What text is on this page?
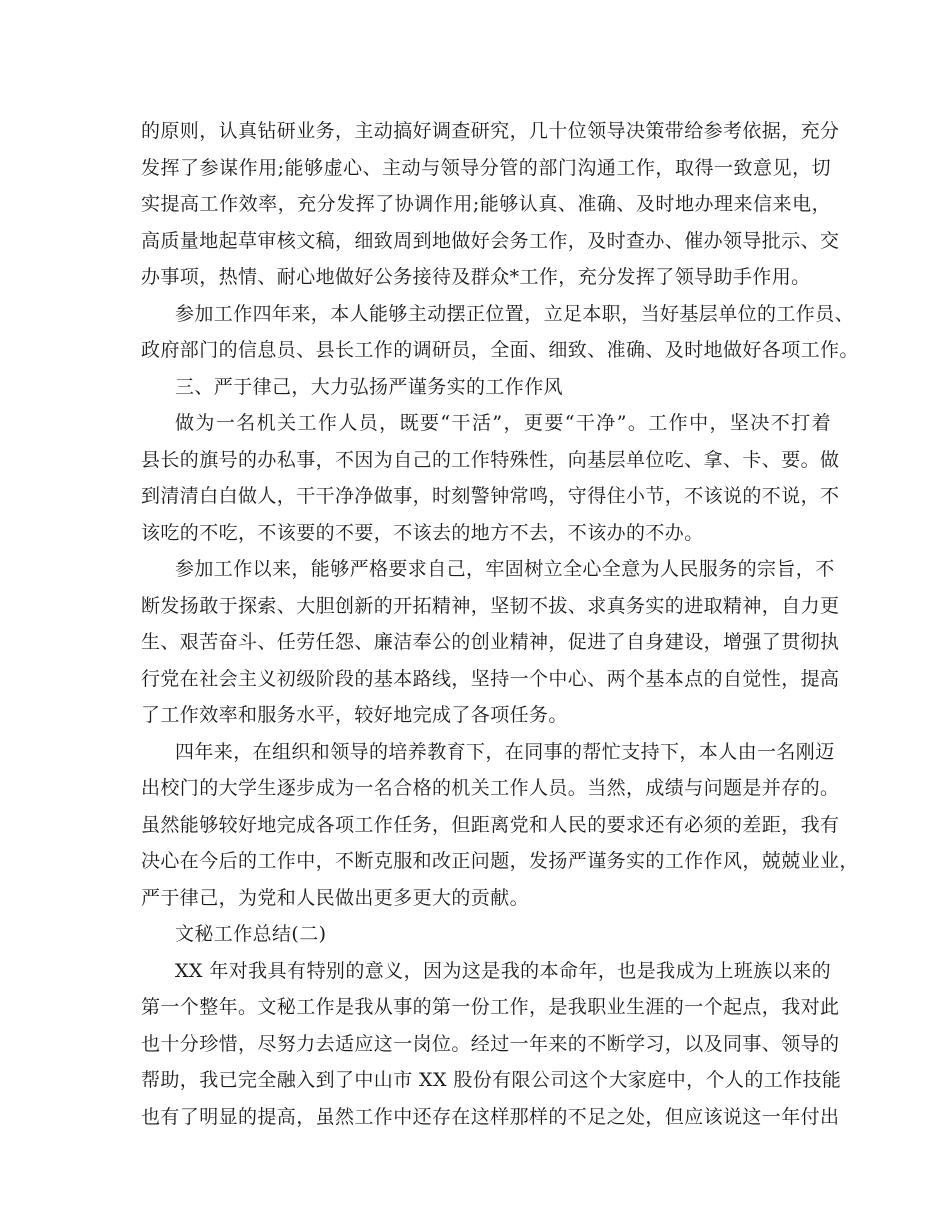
的原则，认真钻研业务，主动搞好调查研究，几十位领导决策带给参考依据，充分
发挥了参谋作用;能够虚心、主动与领导分管的部门沟通工作，取得一致意见，切
实提高工作效率，充分发挥了协调作用;能够认真、准确、及时地办理来信来电，
高质量地起草审核文稿，细致周到地做好会务工作，及时查办、催办领导批示、交
办事项，热情、耐心地做好公务接待及群众*工作，充分发挥了领导助手作用。
参加工作四年来，本人能够主动摆正位置，立足本职，当好基层单位的工作员、
政府部门的信息员、县长工作的调研员，全面、细致、准确、及时地做好各项工作。
三、严于律己，大力弘扬严谨务实的工作作风
做为一名机关工作人员，既要“干活”，更要“干净”。工作中，坚决不打着
县长的旗号的办私事，不因为自己的工作特殊性，向基层单位吃、拿、卡、要。做
到清清白白做人，干干净净做事，时刻警钟常鸣，守得住小节，不该说的不说，不
该吃的不吃，不该要的不要，不该去的地方不去，不该办的不办。
参加工作以来，能够严格要求自己，牢固树立全心全意为人民服务的宗旨，不
断发扬敢于探索、大胆创新的开拓精神，坚韧不拔、求真务实的进取精神，自力更
生、艰苦奋斗、任劳任怨、廉洁奉公的创业精神，促进了自身建设，增强了贯彻执
行党在社会主义初级阶段的基本路线，坚持一个中心、两个基本点的自觉性，提高
了工作效率和服务水平，较好地完成了各项任务。
四年来，在组织和领导的培养教育下，在同事的帮忙支持下，本人由一名刚迈
出校门的大学生逐步成为一名合格的机关工作人员。当然，成绩与问题是并存的。
虽然能够较好地完成各项工作任务，但距离党和人民的要求还有必须的差距，我有
决心在今后的工作中，不断克服和改正问题，发扬严谨务实的工作作风，兢兢业业，
严于律己，为党和人民做出更多更大的贡献。
文秘工作总结(二)
XX 年对我具有特别的意义，因为这是我的本命年，也是我成为上班族以来的
第一个整年。文秘工作是我从事的第一份工作，是我职业生涯的一个起点，我对此
也十分珍惜，尽努力去适应这一岗位。经过一年来的不断学习，以及同事、领导的
帮助，我已完全融入到了中山市 XX 股份有限公司这个大家庭中，个人的工作技能
也有了明显的提高，虽然工作中还存在这样那样的不足之处，但应该说这一年付出
